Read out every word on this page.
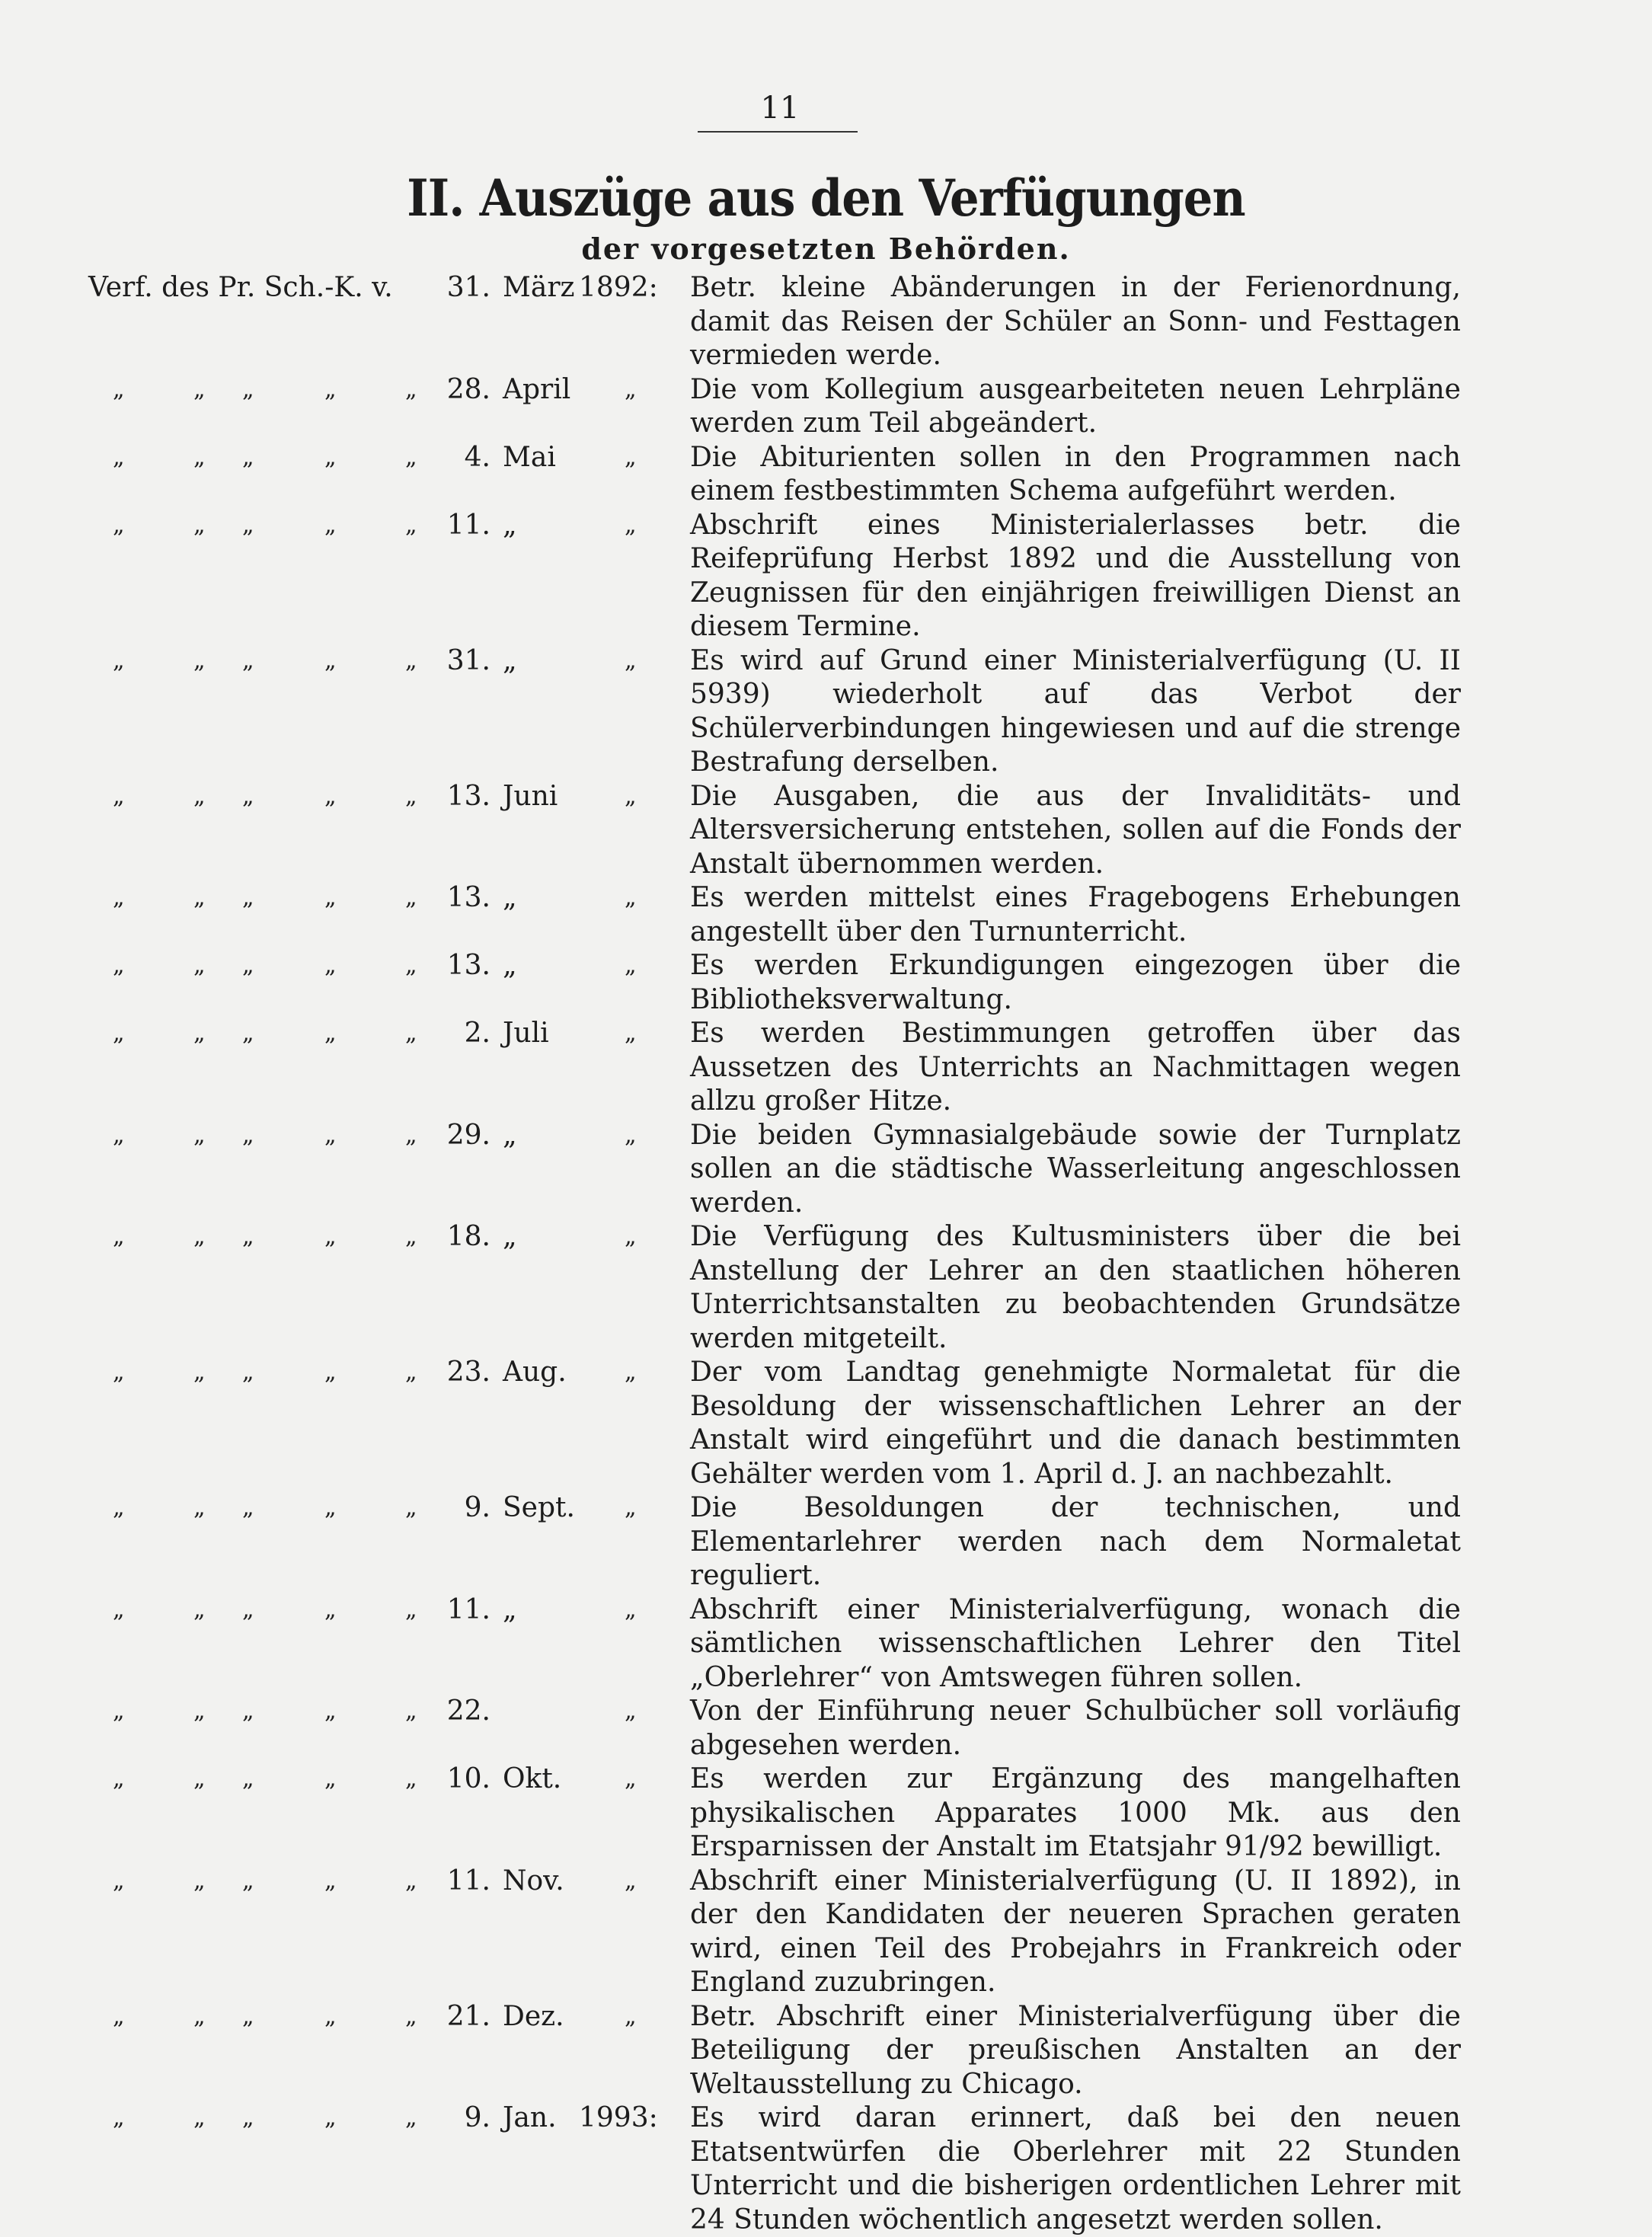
11
II. Auszüge aus den Verfügungen
der vorgesetzten Behörden.
Verf. des Pr. Sch.-K. v.	31. März 1892:	Betr. kleine Abänderungen in der Ferienordnung, damit das Reisen der Schüler an Sonn- und Festtagen vermieden werde.
„	„ „	„	„	28. April	„ Die vom Kollegium ausgearbeiteten neuen Lehrpläne werden zum Teil abgeändert.
„	„ „	„	„	4. Mai	„ Die Abiturienten sollen in den Programmen nach einem festbestimmten Schema aufgeführt werden.
„	„ „	„	„	11. „	„ Abschrift eines Ministerialerlasses betr. die Reifeprüfung Herbst 1892 und die Ausstellung von Zeugnissen für den einjährigen freiwilligen Dienst an diesem Termine.
„	„ „	„	„	31. „	„ Es wird auf Grund einer Ministerialverfügung (U. II 5939) wiederholt auf das Verbot der Schülerverbindungen hingewiesen und auf die strenge Bestrafung derselben.
„	„ „	„	„	13. Juni	„ Die Ausgaben, die aus der Invaliditäts- und Altersversicherung entstehen, sollen auf die Fonds der Anstalt übernommen werden.
„	„ „	„	„	13. „	„ Es werden mittelst eines Fragebogens Erhebungen angestellt über den Turnunterricht.
„	„ „	„	„	13. „	„ Es werden Erkundigungen eingezogen über die Bibliotheksverwaltung.
„	„ „	„	„	2. Juli	„ Es werden Bestimmungen getroffen über das Aussetzen des Unterrichts an Nachmittagen wegen allzu großer Hitze.
„	„ „	„	„	29. „	„ Die beiden Gymnasialgebäude sowie der Turnplatz sollen an die städtische Wasserleitung angeschlossen werden.
„	„ „	„	„	18. „	„ Die Verfügung des Kultusministers über die bei Anstellung der Lehrer an den staatlichen höheren Unterrichtsanstalten zu beobachtenden Grundsätze werden mitgeteilt.
„	„ „	„	„	23. Aug.	„ Der vom Landtag genehmigte Normaletat für die Besoldung der wissenschaftlichen Lehrer an der Anstalt wird eingeführt und die danach bestimmten Gehälter werden vom 1. April d. J. an nachbezahlt.
„	„ „	„	„	9. Sept.	„ Die Besoldungen der technischen, und Elementarlehrer werden nach dem Normaletat reguliert.
„	„ „	„	„	11. „	„ Abschrift einer Ministerialverfügung, wonach die sämtlichen wissenschaftlichen Lehrer den Titel „Oberlehrer“ von Amtswegen führen sollen.
„	„ „	„	„	22.	„ Von der Einführung neuer Schulbücher soll vorläufig abgesehen werden.
„	„ „	„	„	10. Okt.	„ Es werden zur Ergänzung des mangelhaften physikalischen Apparates 1000 Mk. aus den Ersparnissen der Anstalt im Etatsjahr 91/92 bewilligt.
„	„ „	„	„	11. Nov.	„ Abschrift einer Ministerialverfügung (U. II 1892), in der den Kandidaten der neueren Sprachen geraten wird, einen Teil des Probejahrs in Frankreich oder England zuzubringen.
„	„ „	„	„	21. Dez.	„ Betr. Abschrift einer Ministerialverfügung über die Beteiligung der preußischen Anstalten an der Weltausstellung zu Chicago.
„	„ „	„	„	9. Jan. 1993:	Es wird daran erinnert, daß bei den neuen Etatsentwürfen die Oberlehrer mit 22 Stunden Unterricht und die bisherigen ordentlichen Lehrer mit 24 Stunden wöchentlich angesetzt werden sollen.
